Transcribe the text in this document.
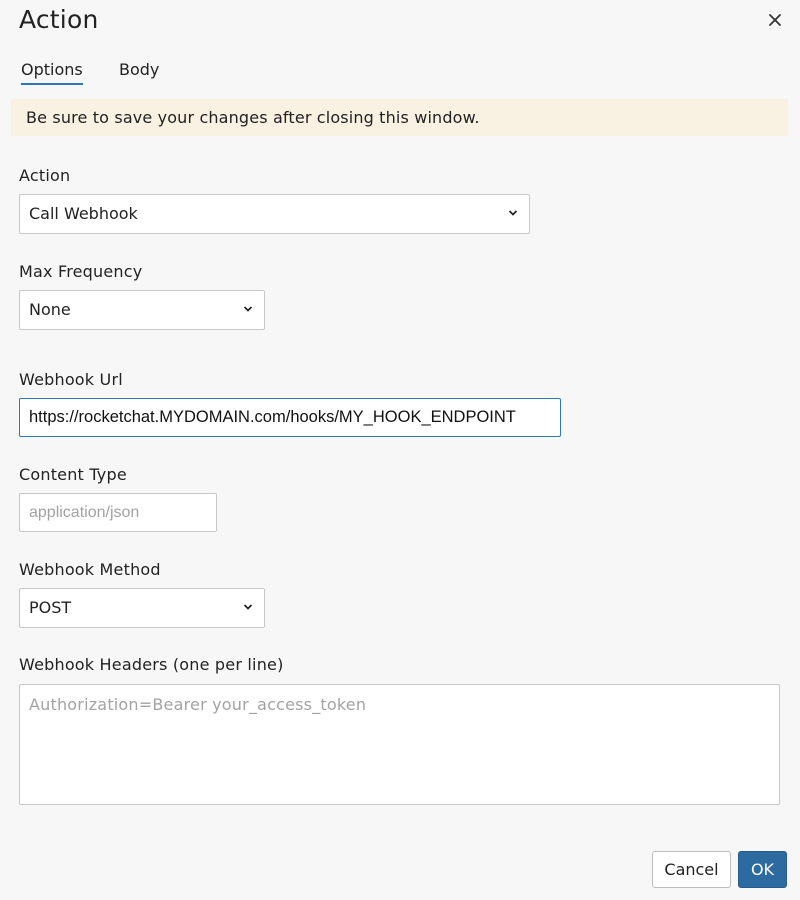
Action
Options Body
Be sure to save your changes after closing this window.
Action
Call Webhook
Max Frequency
None
Webhook Url
https://rocketchat.MYDOMAIN.com/hooks/MY_HOOK_ENDPOINT
Content Type
application/json
Webhook Method
POST
Webhook Headers (one per line)
Authorization=Bearer your_access_token
Cancel	OK
